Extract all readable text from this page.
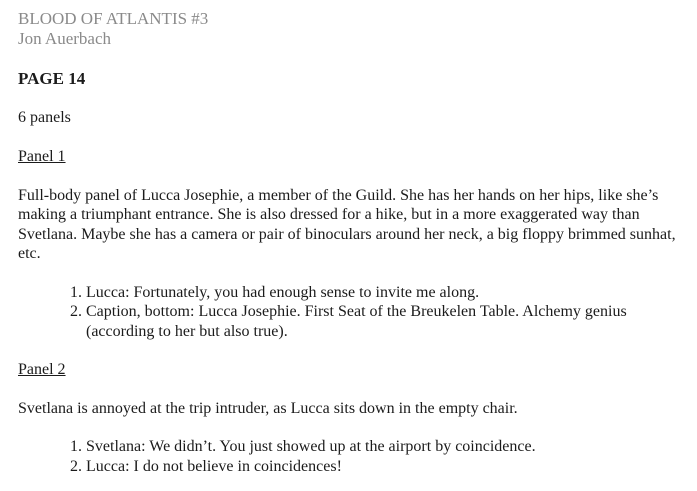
BLOOD OF ATLANTIS #3
Jon Auerbach

PAGE 14

6 panels

Panel 1

Full-body panel of Lucca Josephie, a member of the Guild. She has her hands on her hips, like she’s making a triumphant entrance. She is also dressed for a hike, but in a more exaggerated way than Svetlana. Maybe she has a camera or pair of binoculars around her neck, a big floppy brimmed sunhat, etc.

1. Lucca: Fortunately, you had enough sense to invite me along.
2. Caption, bottom: Lucca Josephie. First Seat of the Breukelen Table. Alchemy genius (according to her but also true).

Panel 2

Svetlana is annoyed at the trip intruder, as Lucca sits down in the empty chair.

1. Svetlana: We didn’t. You just showed up at the airport by coincidence.
2. Lucca: I do not believe in coincidences!
